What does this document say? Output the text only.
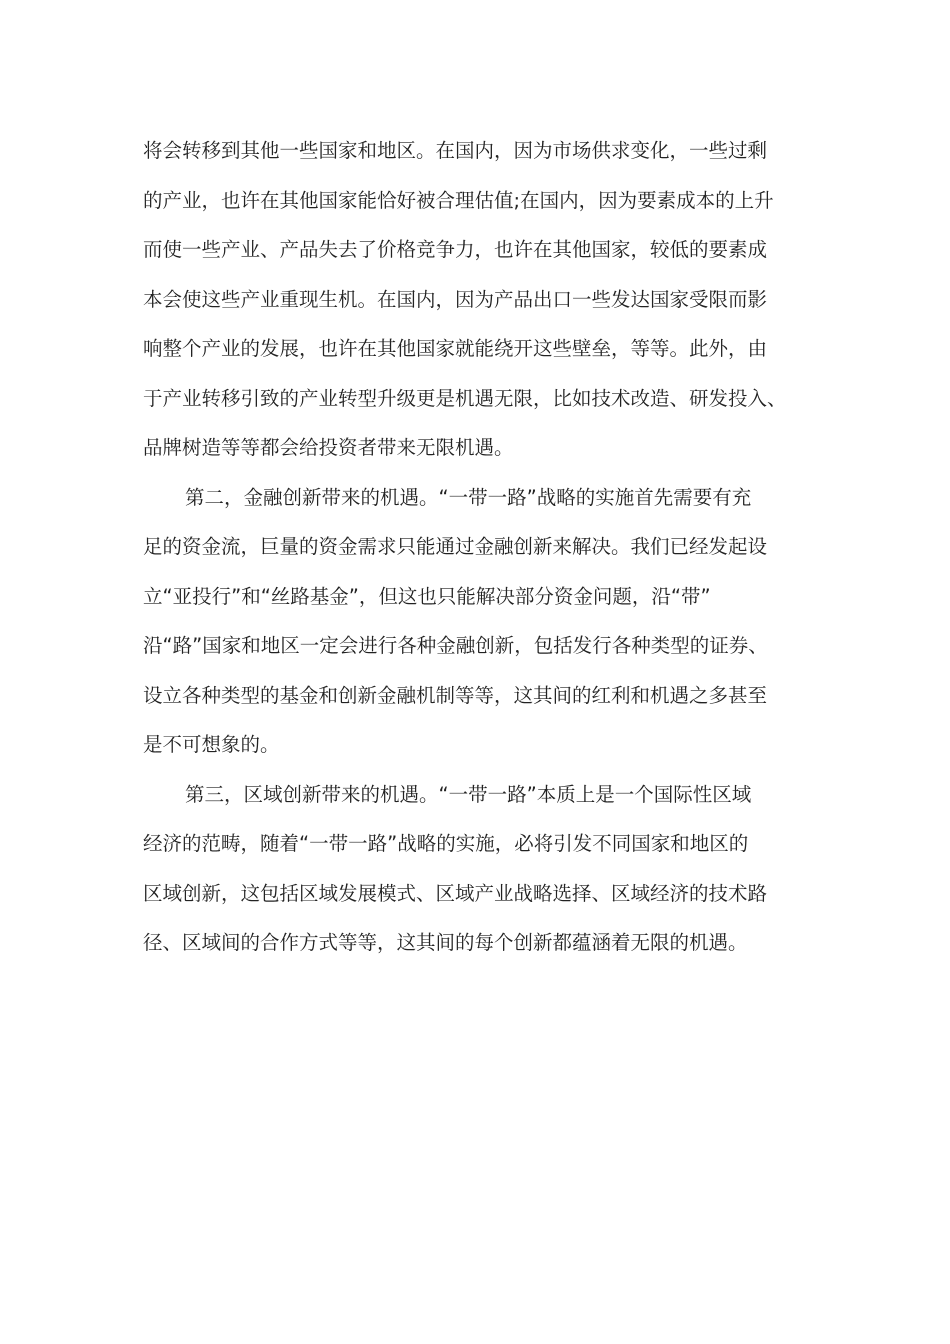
将会转移到其他一些国家和地区。在国内，因为市场供求变化，一些过剩
的产业，也许在其他国家能恰好被合理估值;在国内，因为要素成本的上升
而使一些产业、产品失去了价格竞争力，也许在其他国家，较低的要素成
本会使这些产业重现生机。在国内，因为产品出口一些发达国家受限而影
响整个产业的发展，也许在其他国家就能绕开这些壁垒，等等。此外，由
于产业转移引致的产业转型升级更是机遇无限，比如技术改造、研发投入、
品牌树造等等都会给投资者带来无限机遇。
第二，金融创新带来的机遇。“一带一路”战略的实施首先需要有充
足的资金流，巨量的资金需求只能通过金融创新来解决。我们已经发起设
立“亚投行”和“丝路基金”，但这也只能解决部分资金问题，沿“带”
沿“路”国家和地区一定会进行各种金融创新，包括发行各种类型的证券、
设立各种类型的基金和创新金融机制等等，这其间的红利和机遇之多甚至
是不可想象的。
第三，区域创新带来的机遇。“一带一路”本质上是一个国际性区域
经济的范畴，随着“一带一路”战略的实施，必将引发不同国家和地区的
区域创新，这包括区域发展模式、区域产业战略选择、区域经济的技术路
径、区域间的合作方式等等，这其间的每个创新都蕴涵着无限的机遇。
